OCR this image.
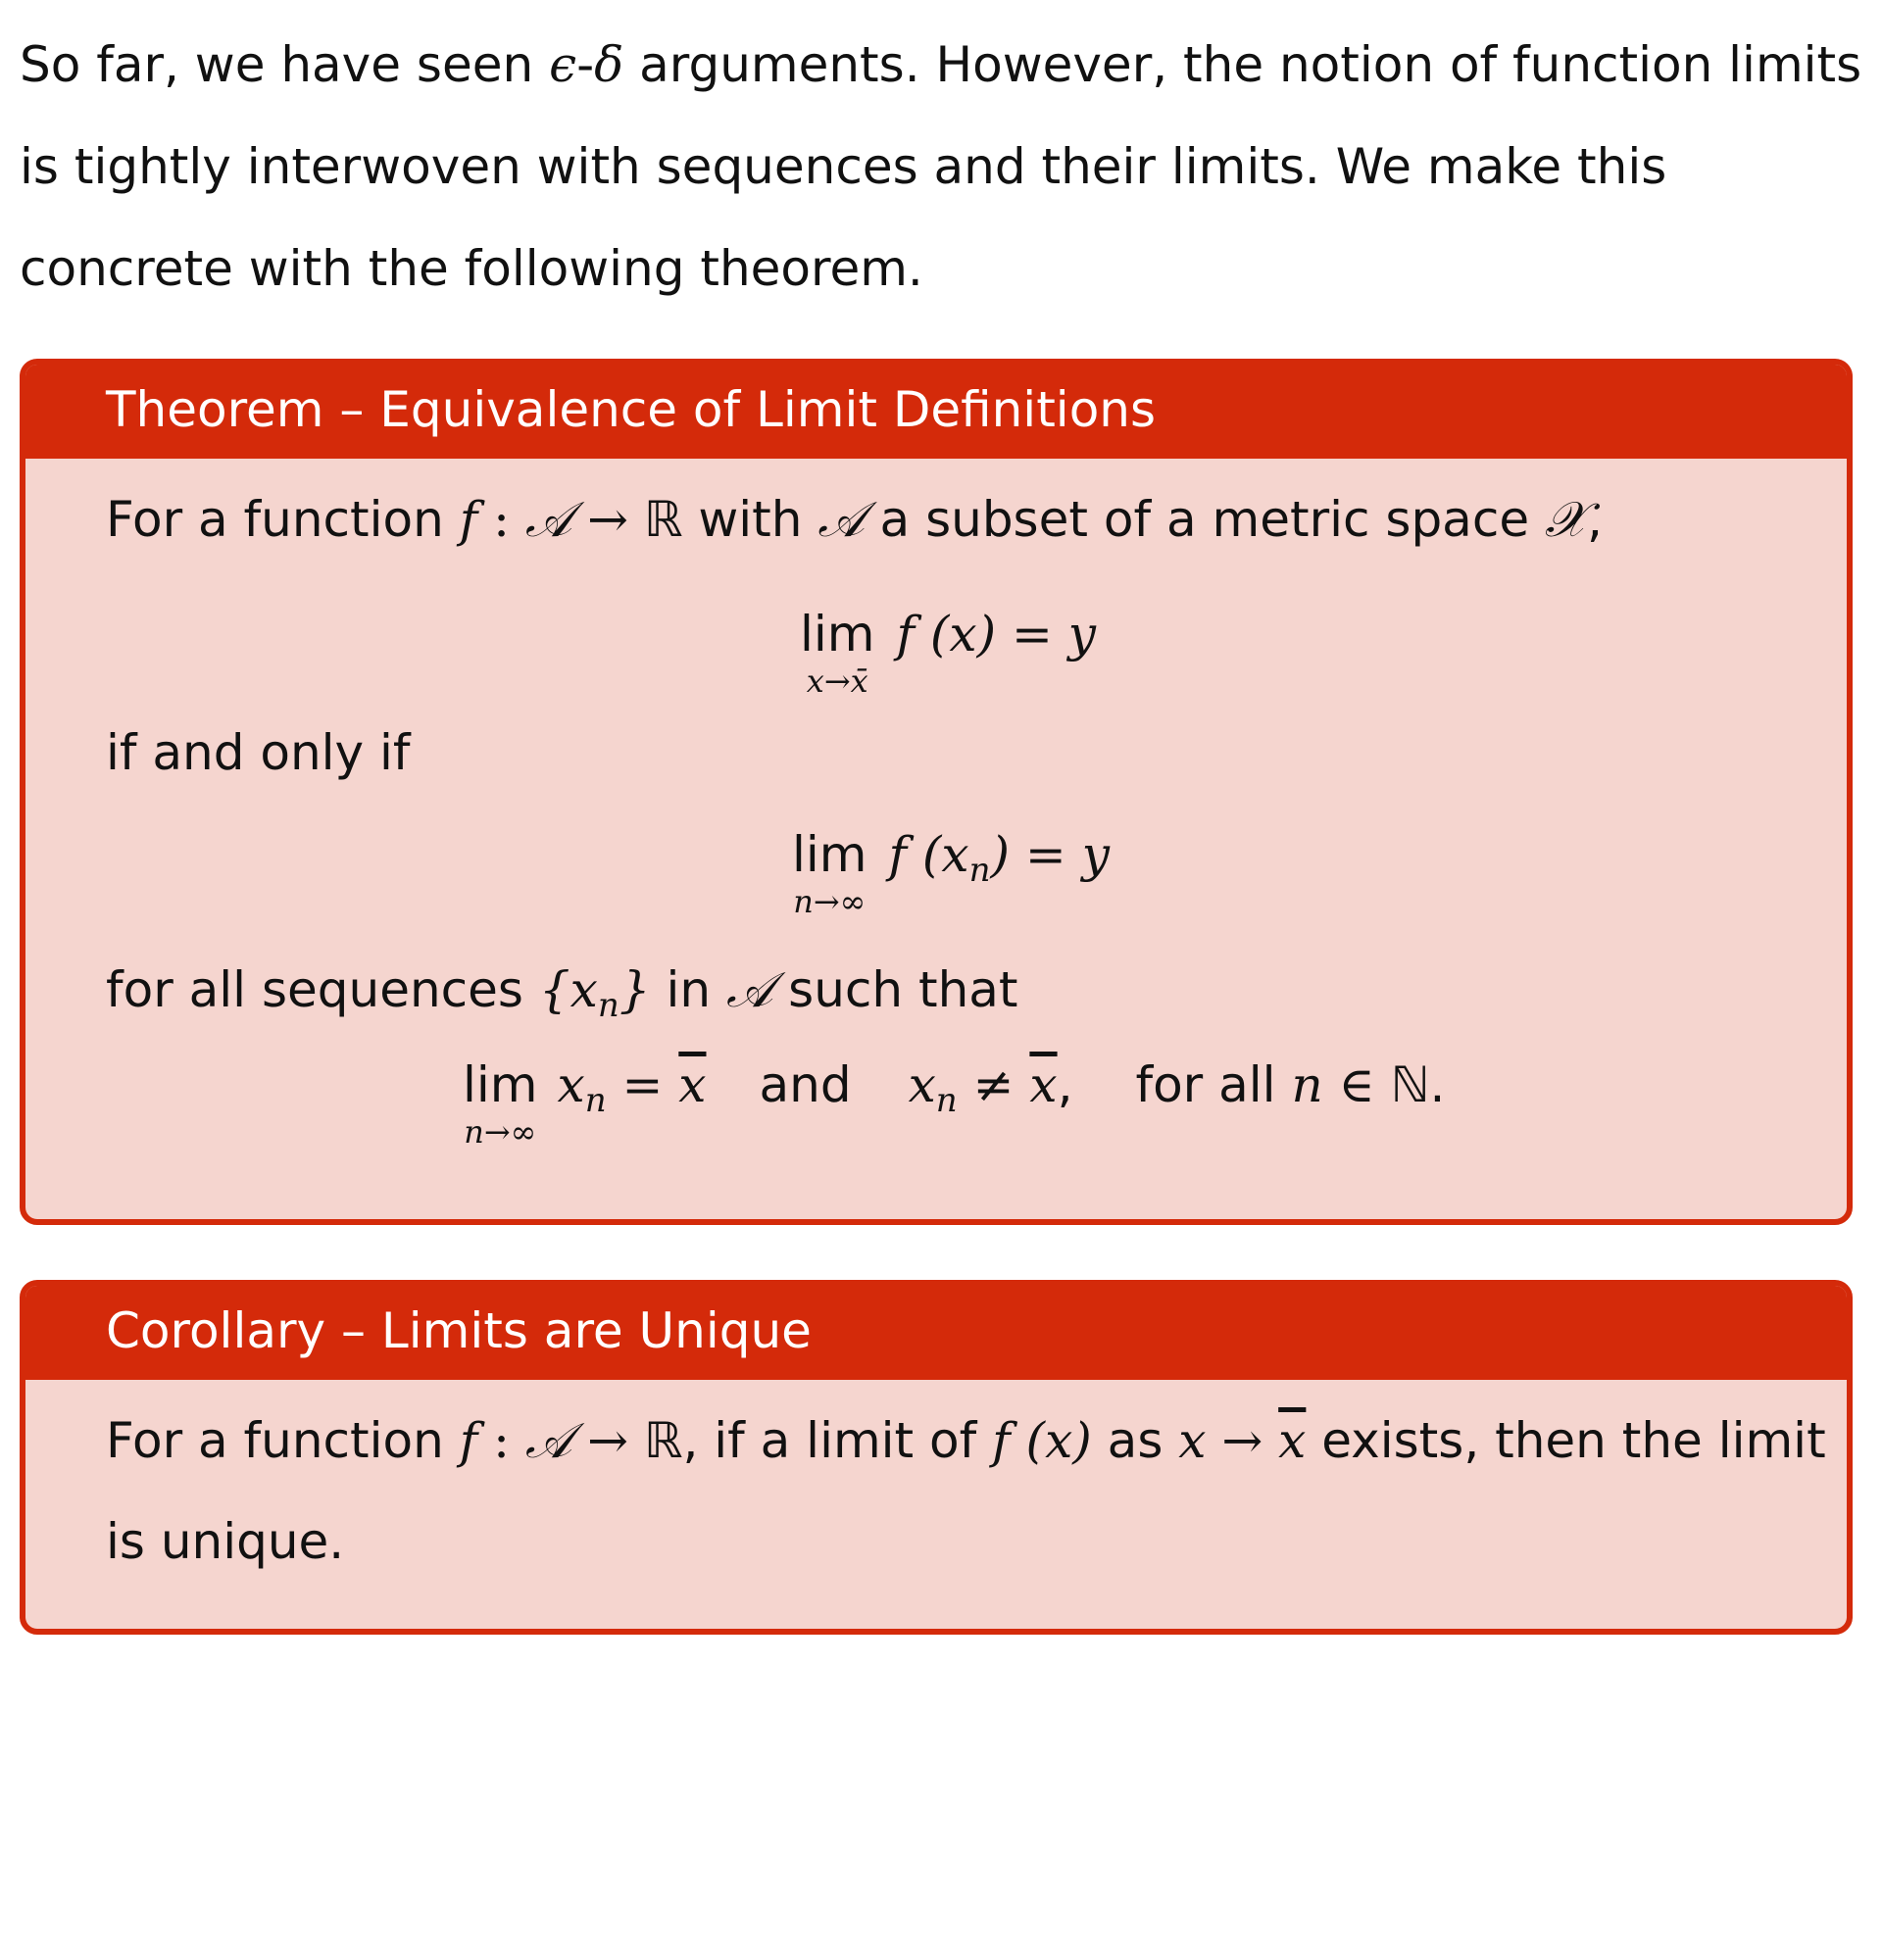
So far, we have seen ϵ-δ arguments. However, the notion of function limits is tightly interwoven with sequences and their limits. We make this concrete with the following theorem.

Theorem – Equivalence of Limit Definitions
For a function f : 𝒜 → ℝ with 𝒜 a subset of a metric space 𝒳,
lim
x→x̄
f (x) = y
if and only if
lim
n→∞
f $(x_n) = y$
for all sequences $\{x_n\}$ in 𝒜 such that
lim
n→∞
$x_n = \overline{x}$ and $x_n \ne \overline{x}$, for all n ∈ ℕ.
Corollary – Limits are Unique
For a function f : 𝒜 → ℝ, if a limit of f (x) as $x \to \overline{x}$ exists, then the limit
is unique.
